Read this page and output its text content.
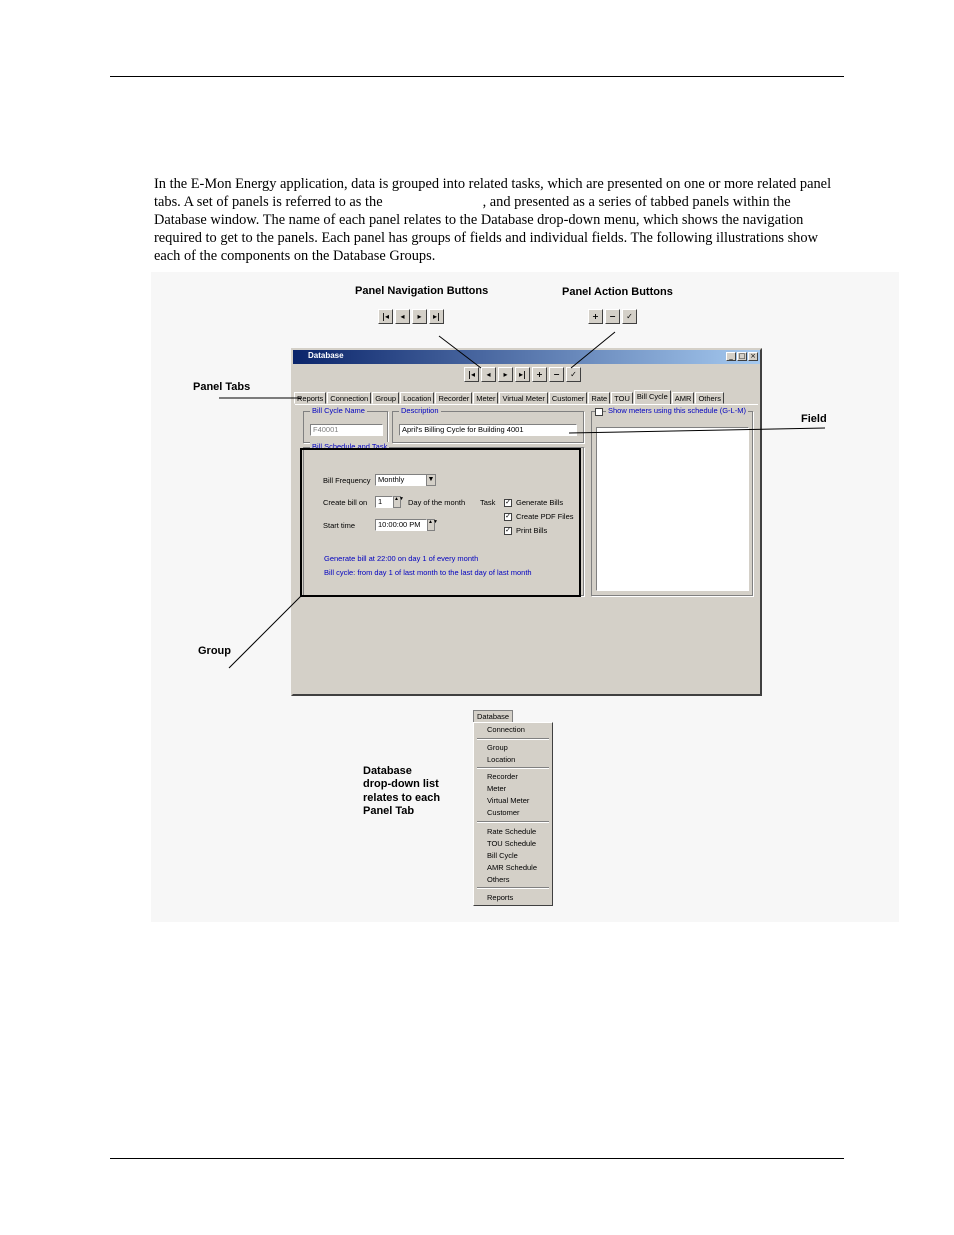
In the E-Mon Energy application, data is grouped into related tasks, which are presented on one or more related panel tabs. A set of panels is referred to as the	, and presented as a series of tabbed panels within the Database window. The name of each panel relates to the Database drop-down menu, which shows the navigation required to get to the panels. Each panel has groups of fields and individual fields. The following illustrations show each of the components on the Database Groups.

Panel Navigation Buttons	Panel Action Buttons
Panel Tabs
Field
Group
Database
drop-down list
relates to each
Panel Tab
|◂	◂	▸	▸|	+	−	✓
Database	_ □ ×
|◂	◂	▸	▸|	+	−	✓
Reports Connection Group Location Recorder Meter Virtual Meter Customer Rate TOU Bill Cycle AMR Others
Bill Cycle Name
F40001
Description
April's Billing Cycle for Building 4001
Show meters using this schedule (G-L-M)
Bill Schedule and Task
Bill Frequency Monthly	▼
Create bill on	1	▲▼ Day of the month
Start time	10:00:00 PM	▲▼
Task ✓ Generate Bills
✓ Create PDF Files
✓ Print Bills
Generate bill at 22:00 on day 1 of every month
Bill cycle: from day 1 of last month to the last day of last month
Database
Connection
Group
Location
Recorder
Meter
Virtual Meter
Customer
Rate Schedule
TOU Schedule
Bill Cycle
AMR Schedule
Others
Reports
